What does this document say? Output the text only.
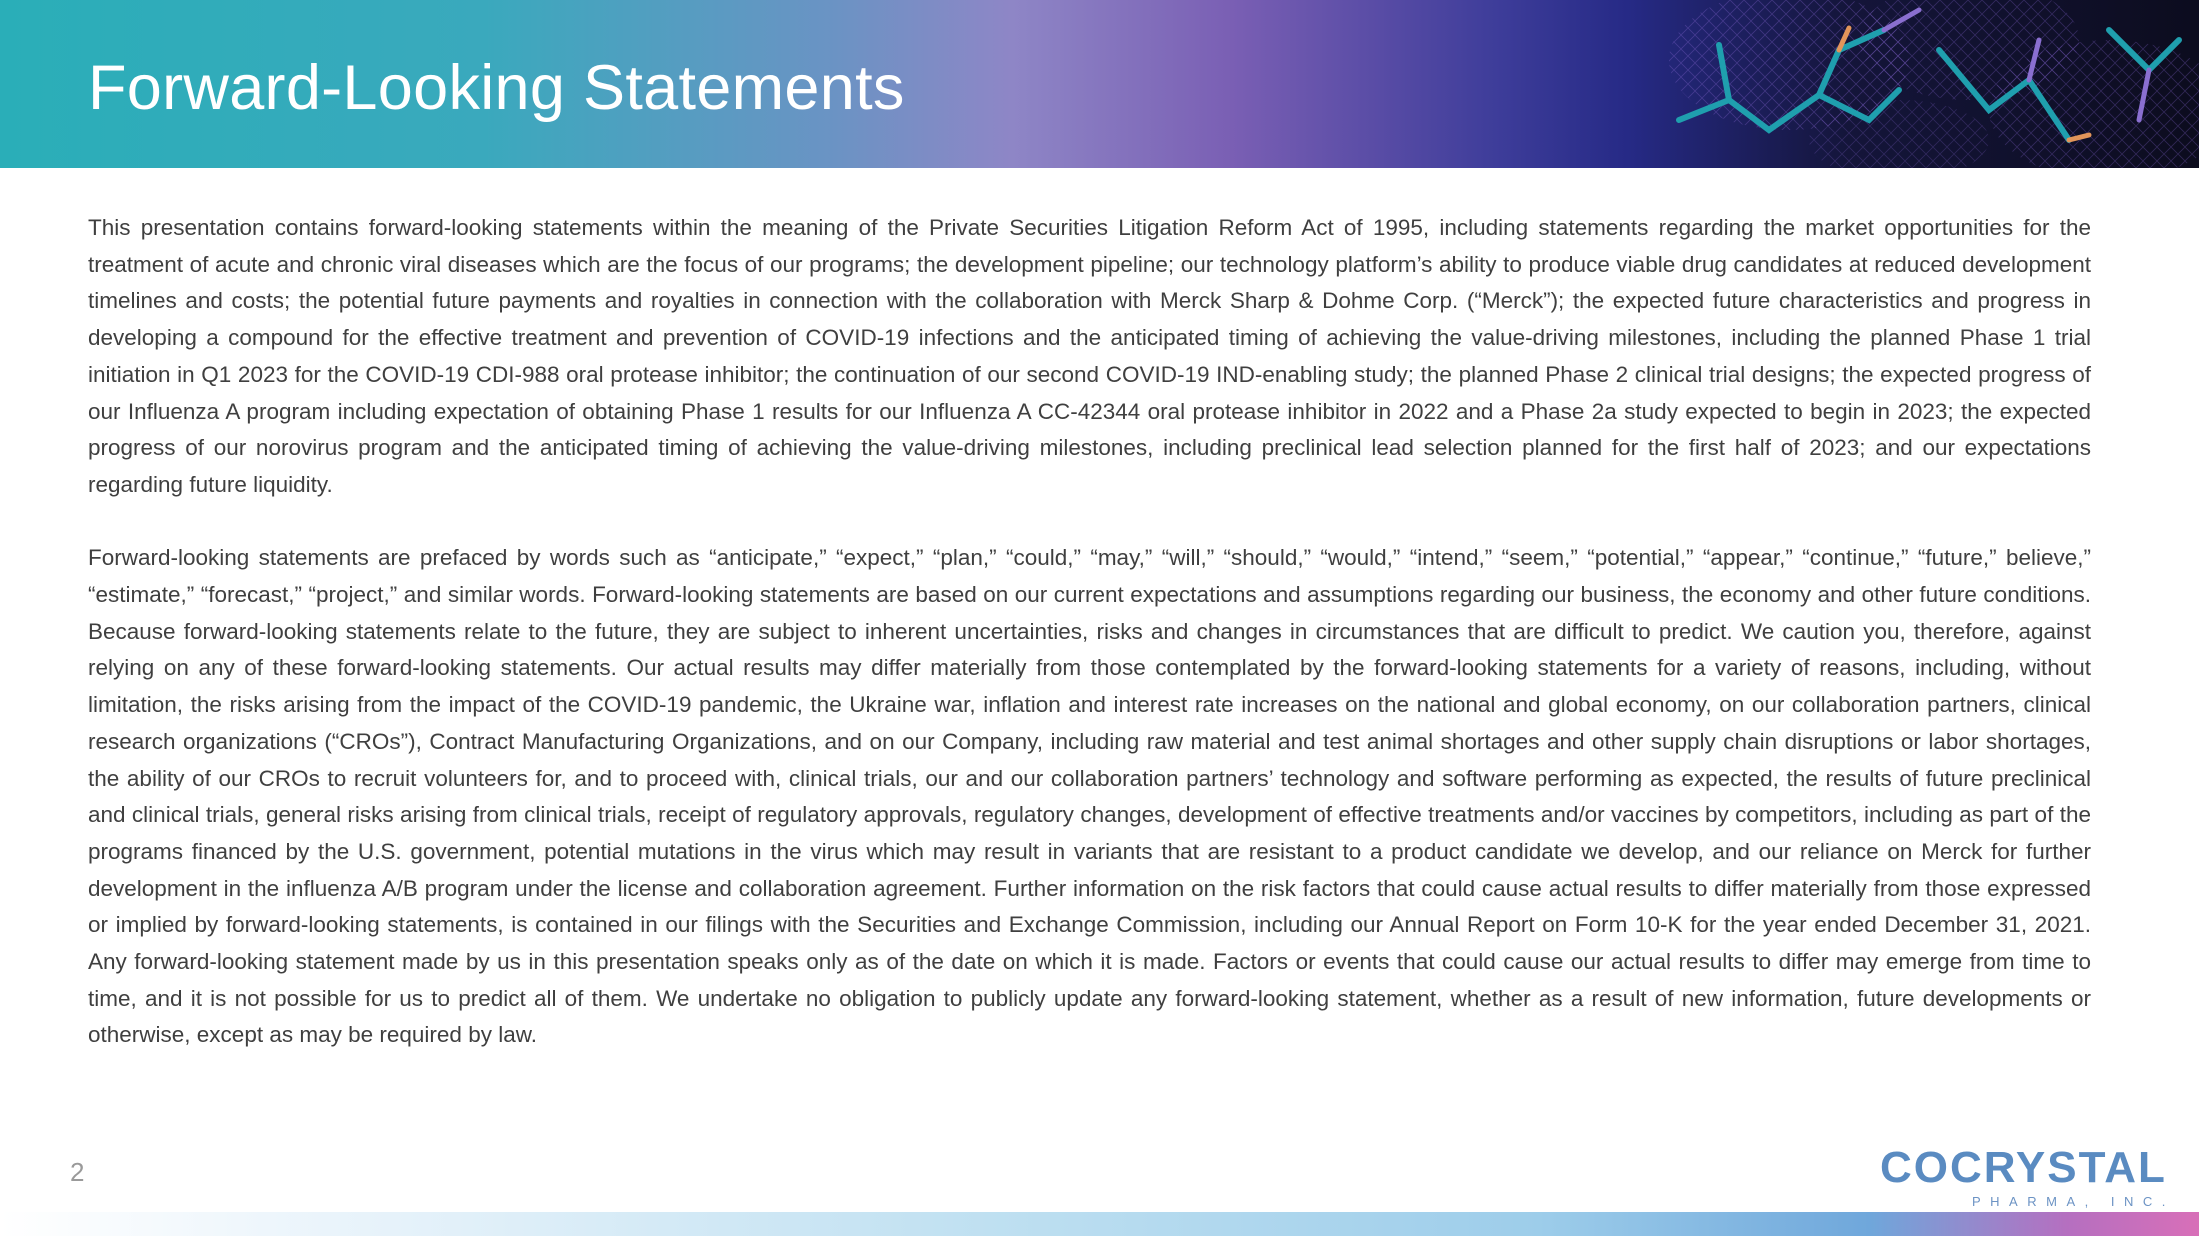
Forward-Looking Statements

This presentation contains forward-looking statements within the meaning of the Private Securities Litigation Reform Act of 1995, including statements regarding the market opportunities for the treatment of acute and chronic viral diseases which are the focus of our programs; the development pipeline; our technology platform’s ability to produce viable drug candidates at reduced development timelines and costs; the potential future payments and royalties in connection with the collaboration with Merck Sharp & Dohme Corp. (“Merck”); the expected future characteristics and progress in developing a compound for the effective treatment and prevention of COVID-19 infections and the anticipated timing of achieving the value-driving milestones, including the planned Phase 1 trial initiation in Q1 2023 for the COVID-19 CDI-988 oral protease inhibitor; the continuation of our second COVID-19 IND-enabling study; the planned Phase 2 clinical trial designs; the expected progress of our Influenza A program including expectation of obtaining Phase 1 results for our Influenza A CC-42344 oral protease inhibitor in 2022 and a Phase 2a study expected to begin in 2023; the expected progress of our norovirus program and the anticipated timing of achieving the value-driving milestones, including preclinical lead selection planned for the first half of 2023; and our expectations regarding future liquidity.

Forward-looking statements are prefaced by words such as “anticipate,” “expect,” “plan,” “could,” “may,” “will,” “should,” “would,” “intend,” “seem,” “potential,” “appear,” “continue,” “future,” believe,” “estimate,” “forecast,” “project,” and similar words. Forward-looking statements are based on our current expectations and assumptions regarding our business, the economy and other future conditions. Because forward-looking statements relate to the future, they are subject to inherent uncertainties, risks and changes in circumstances that are difficult to predict. We caution you, therefore, against relying on any of these forward-looking statements. Our actual results may differ materially from those contemplated by the forward-looking statements for a variety of reasons, including, without limitation, the risks arising from the impact of the COVID-19 pandemic, the Ukraine war, inflation and interest rate increases on the national and global economy, on our collaboration partners, clinical research organizations (“CROs”), Contract Manufacturing Organizations, and on our Company, including raw material and test animal shortages and other supply chain disruptions or labor shortages, the ability of our CROs to recruit volunteers for, and to proceed with, clinical trials, our and our collaboration partners’ technology and software performing as expected, the results of future preclinical and clinical trials, general risks arising from clinical trials, receipt of regulatory approvals, regulatory changes, development of effective treatments and/or vaccines by competitors, including as part of the programs financed by the U.S. government, potential mutations in the virus which may result in variants that are resistant to a product candidate we develop, and our reliance on Merck for further development in the influenza A/B program under the license and collaboration agreement. Further information on the risk factors that could cause actual results to differ materially from those expressed or implied by forward-looking statements, is contained in our filings with the Securities and Exchange Commission, including our Annual Report on Form 10-K for the year ended December 31, 2021. Any forward-looking statement made by us in this presentation speaks only as of the date on which it is made. Factors or events that could cause our actual results to differ may emerge from time to time, and it is not possible for us to predict all of them. We undertake no obligation to publicly update any forward-looking statement, whether as a result of new information, future developments or otherwise, except as may be required by law.

2	COCRYSTAL
PHARMA, INC.
